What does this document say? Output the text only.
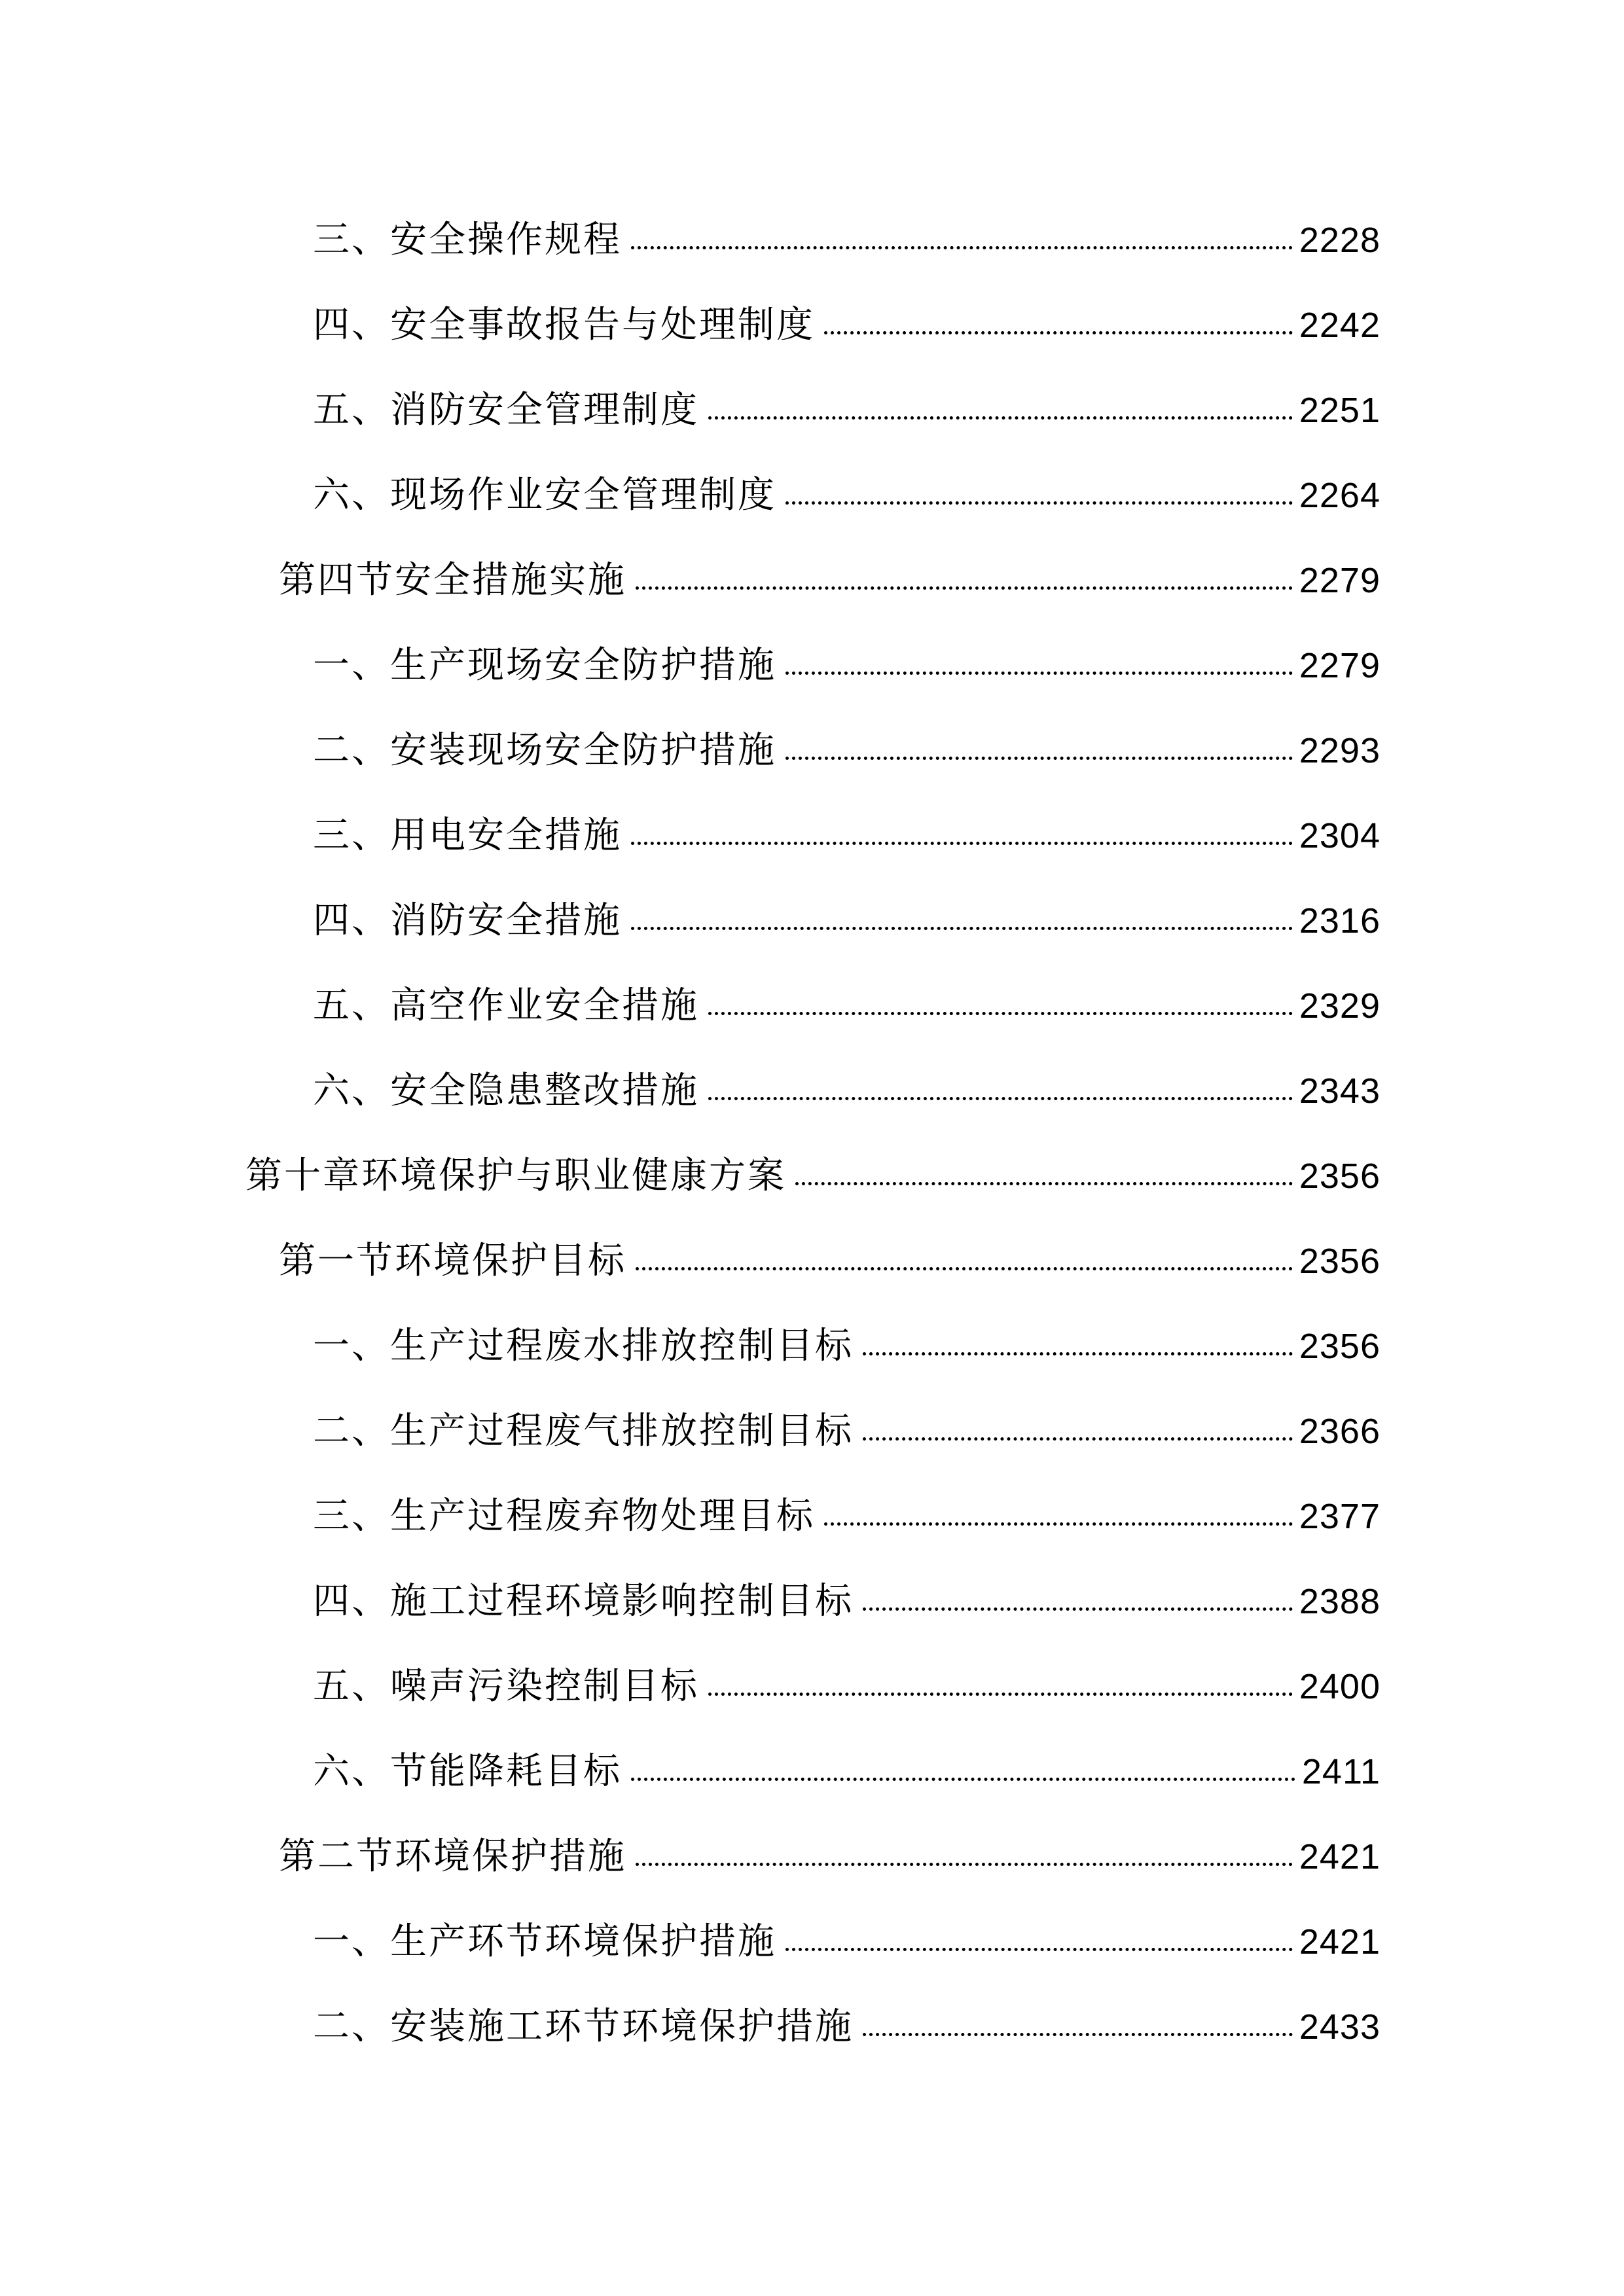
三、安全操作规程	2228
四、安全事故报告与处理制度	2242
五、消防安全管理制度	2251
六、现场作业安全管理制度	2264
第四节安全措施实施	2279
一、生产现场安全防护措施	2279
二、安装现场安全防护措施	2293
三、用电安全措施	2304
四、消防安全措施	2316
五、高空作业安全措施	2329
六、安全隐患整改措施	2343
第十章环境保护与职业健康方案	2356
第一节环境保护目标	2356
一、生产过程废水排放控制目标	2356
二、生产过程废气排放控制目标	2366
三、生产过程废弃物处理目标	2377
四、施工过程环境影响控制目标	2388
五、噪声污染控制目标	2400
六、节能降耗目标	2411
第二节环境保护措施	2421
一、生产环节环境保护措施	2421
二、安装施工环节环境保护措施	2433
